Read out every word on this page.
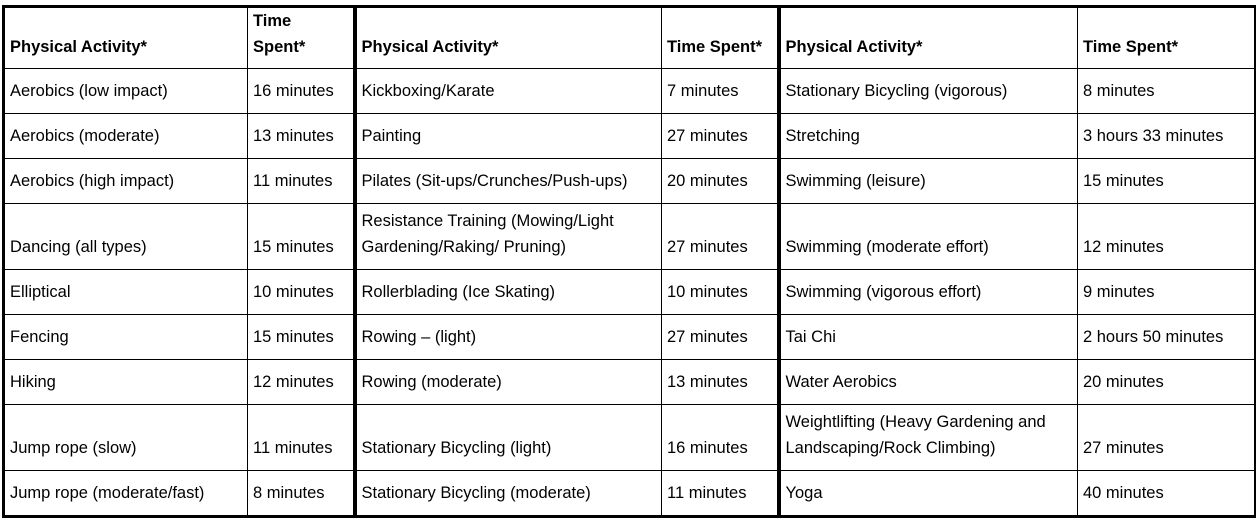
Physical Activity*	Time Spent*	Physical Activity*	Time Spent*	Physical Activity*	Time Spent*
Aerobics (low impact)	16 minutes	Kickboxing/Karate	7 minutes	Stationary Bicycling (vigorous)	8 minutes
Aerobics (moderate)	13 minutes	Painting	27 minutes	Stretching	3 hours 33 minutes
Aerobics (high impact)	11 minutes	Pilates (Sit-ups/Crunches/Push-ups)	20 minutes	Swimming (leisure)	15 minutes
Dancing (all types)	15 minutes	Resistance Training (Mowing/Light Gardening/Raking/ Pruning)	27 minutes	Swimming (moderate effort)	12 minutes
Elliptical	10 minutes	Rollerblading (Ice Skating)	10 minutes	Swimming (vigorous effort)	9 minutes
Fencing	15 minutes	Rowing – (light)	27 minutes	Tai Chi	2 hours 50 minutes
Hiking	12 minutes	Rowing (moderate)	13 minutes	Water Aerobics	20 minutes
Jump rope (slow)	11 minutes	Stationary Bicycling (light)	16 minutes	Weightlifting (Heavy Gardening and Landscaping/Rock Climbing)	27 minutes
Jump rope (moderate/fast)	8 minutes	Stationary Bicycling (moderate)	11 minutes	Yoga	40 minutes
